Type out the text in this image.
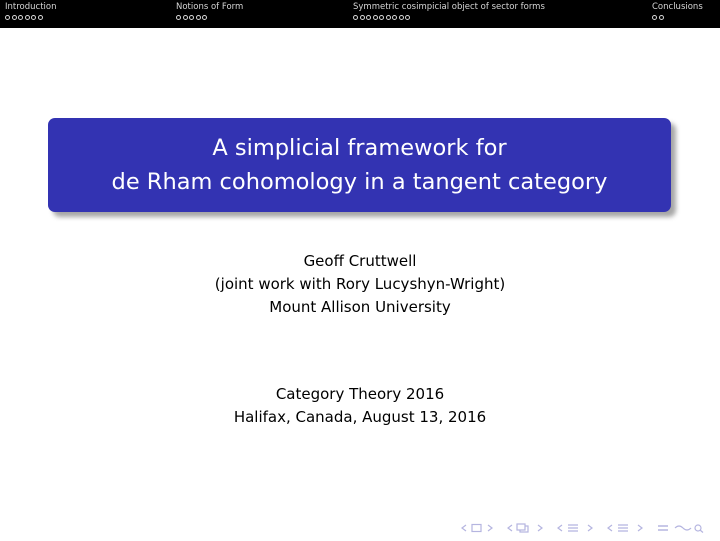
Introduction	Notions of Form	Symmetric cosimpicial object of sector forms	Conclusions
A simplicial framework for
de Rham cohomology in a tangent category
Geoff Cruttwell
(joint work with Rory Lucyshyn-Wright)
Mount Allison University
Category Theory 2016
Halifax, Canada, August 13, 2016
